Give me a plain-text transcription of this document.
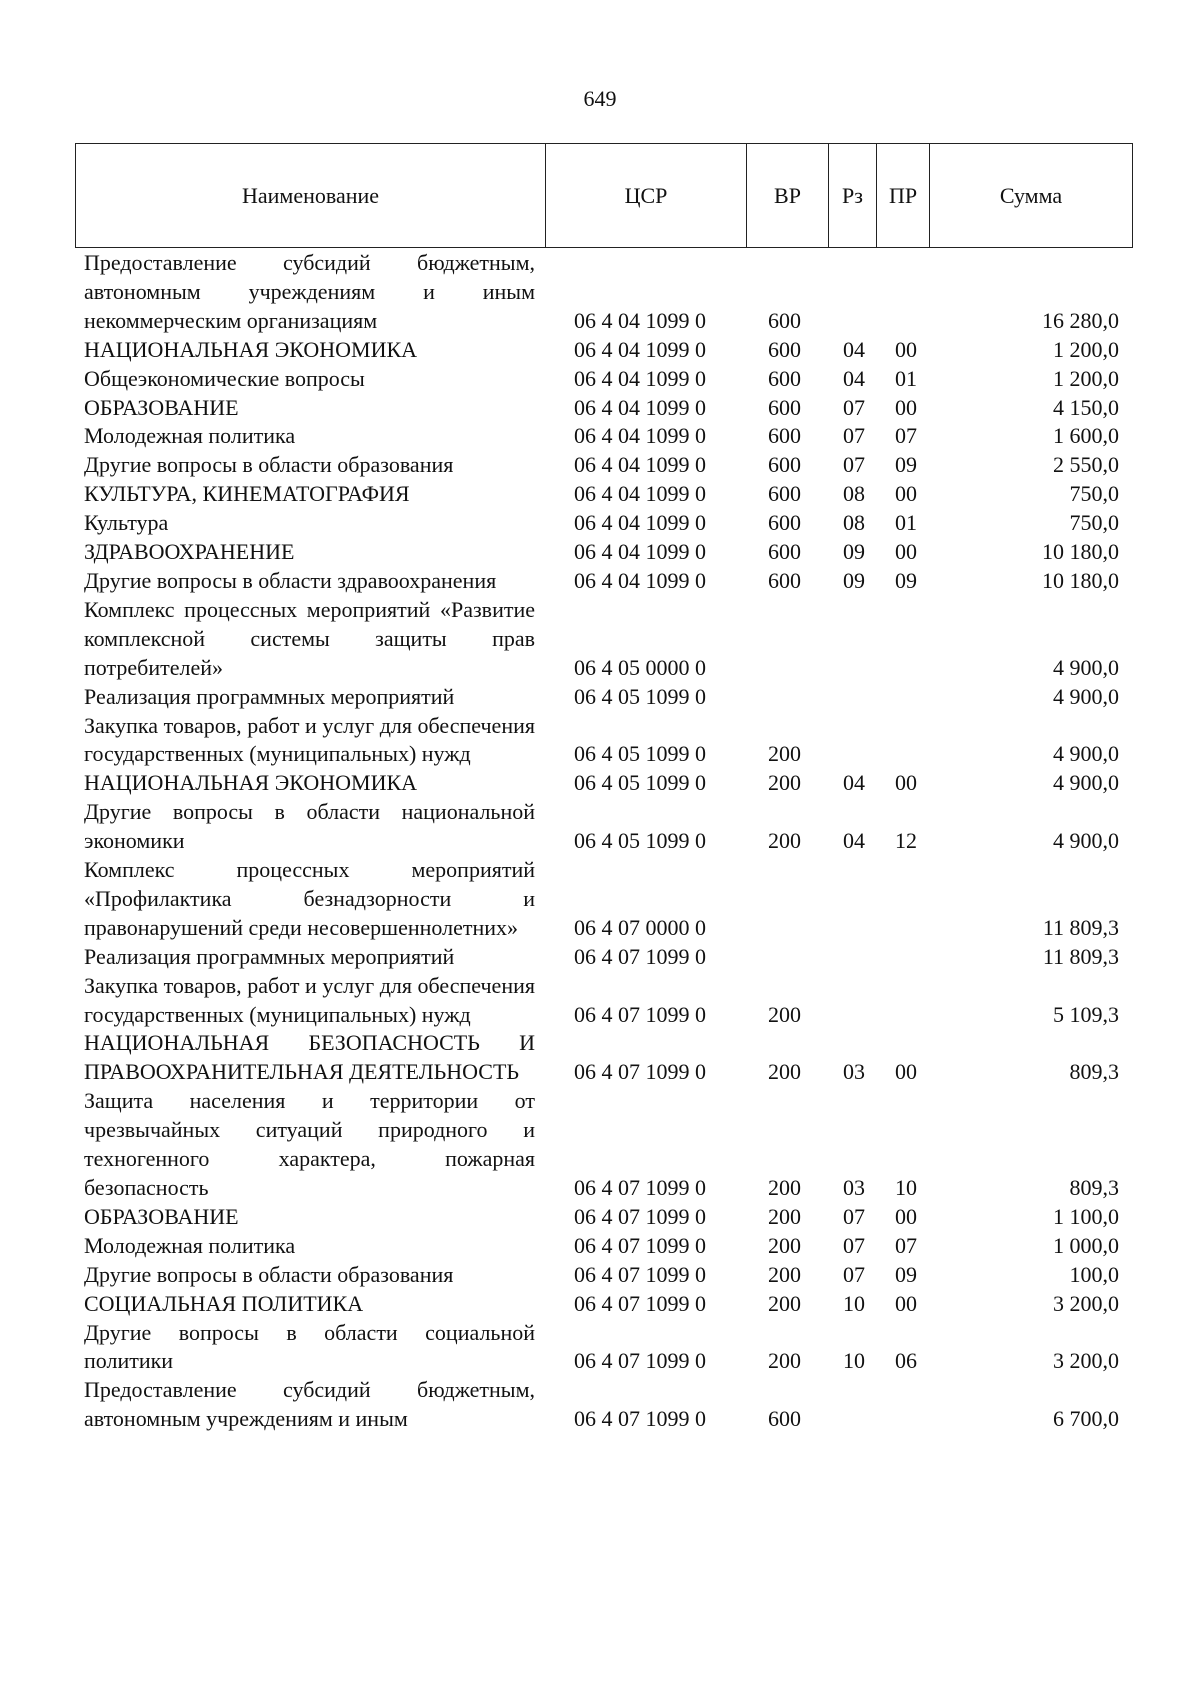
649
Наименование	ЦСР	ВР	Рз	ПР	Сумма
Предоставление субсидий бюджетным, автономным учреждениям и иным некоммерческим организациям	06 4 04 1099 0	600	16 280,0
НАЦИОНАЛЬНАЯ ЭКОНОМИКА	06 4 04 1099 0	600 04 00	1 200,0
Общеэкономические вопросы	06 4 04 1099 0	600 04 01	1 200,0
ОБРАЗОВАНИЕ	06 4 04 1099 0	600 07 00	4 150,0
Молодежная политика	06 4 04 1099 0	600 07 07	1 600,0
Другие вопросы в области образования	06 4 04 1099 0	600 07 09	2 550,0
КУЛЬТУРА, КИНЕМАТОГРАФИЯ	06 4 04 1099 0	600 08 00	750,0
Культура	06 4 04 1099 0	600 08 01	750,0
ЗДРАВООХРАНЕНИЕ	06 4 04 1099 0	600 09 00	10 180,0
Другие вопросы в области здравоохранения	06 4 04 1099 0	600 09 09	10 180,0
Комплекс процессных мероприятий «Развитие комплексной системы защиты прав потребителей»	06 4 05 0000 0	4 900,0
Реализация программных мероприятий	06 4 05 1099 0	4 900,0
Закупка товаров, работ и услуг для обеспечения государственных (муниципальных) нужд	06 4 05 1099 0	200	4 900,0
НАЦИОНАЛЬНАЯ ЭКОНОМИКА	06 4 05 1099 0	200 04 00	4 900,0
Другие вопросы в области национальной экономики	06 4 05 1099 0	200 04 12	4 900,0
Комплекс процессных мероприятий «Профилактика безнадзорности и правонарушений среди несовершеннолетних»	06 4 07 0000 0	11 809,3
Реализация программных мероприятий	06 4 07 1099 0	11 809,3
Закупка товаров, работ и услуг для обеспечения государственных (муниципальных) нужд	06 4 07 1099 0	200	5 109,3
НАЦИОНАЛЬНАЯ БЕЗОПАСНОСТЬ И ПРАВООХРАНИТЕЛЬНАЯ ДЕЯТЕЛЬНОСТЬ	06 4 07 1099 0	200 03 00	809,3
Защита населения и территории от чрезвычайных ситуаций природного и техногенного характера, пожарная безопасность	06 4 07 1099 0	200 03 10	809,3
ОБРАЗОВАНИЕ	06 4 07 1099 0	200 07 00	1 100,0
Молодежная политика	06 4 07 1099 0	200 07 07	1 000,0
Другие вопросы в области образования	06 4 07 1099 0	200 07 09	100,0
СОЦИАЛЬНАЯ ПОЛИТИКА	06 4 07 1099 0	200 10 00	3 200,0
Другие вопросы в области социальной политики	06 4 07 1099 0	200 10 06	3 200,0
Предоставление субсидий бюджетным, автономным учреждениям и иным	06 4 07 1099 0	600	6 700,0
